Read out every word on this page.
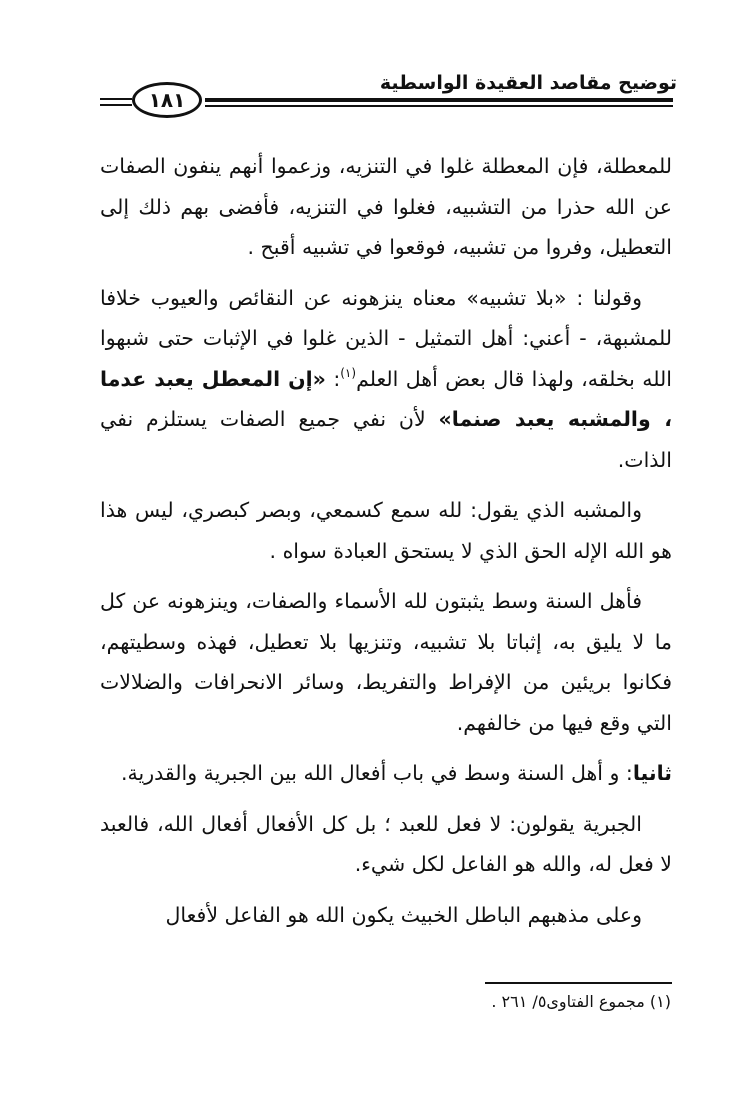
توضيح مقاصد العقيدة الواسطية
١٨١

للمعطلة، فإن المعطلة غلوا في التنزيه، وزعموا أنهم ينفون الصفات عن الله حذرا من التشبيه، فغلوا في التنزيه، فأفضى بهم ذلك إلى التعطيل، وفروا من تشبيه، فوقعوا في تشبيه أقبح .

وقولنا : «بلا تشبيه» معناه ينزهونه عن النقائص والعيوب خلافا للمشبهة، - أعني: أهل التمثيل - الذين غلوا في الإثبات حتى شبهوا الله بخلقه، ولهذا قال بعض أهل العلم$^{(١)}$: «إن المعطل يعبد عدما ، والمشبه يعبد صنما» لأن نفي جميع الصفات يستلزم نفي الذات.

والمشبه الذي يقول: لله سمع كسمعي، وبصر كبصري، ليس هذا هو الله الإله الحق الذي لا يستحق العبادة سواه .

فأهل السنة وسط يثبتون لله الأسماء والصفات، وينزهونه عن كل ما لا يليق به، إثباتا بلا تشبيه، وتنزيها بلا تعطيل، فهذه وسطيتهم، فكانوا بريئين من الإفراط والتفريط، وسائر الانحرافات والضلالات التي وقع فيها من خالفهم.

ثانيا: و أهل السنة وسط في باب أفعال الله بين الجبرية والقدرية.

الجبرية يقولون: لا فعل للعبد ؛ بل كل الأفعال أفعال الله، فالعبد لا فعل له، والله هو الفاعل لكل شيء.

وعلى مذهبهم الباطل الخبيث يكون الله هو الفاعل لأفعال

(١) مجموع الفتاوى٥/ ٢٦١ .
